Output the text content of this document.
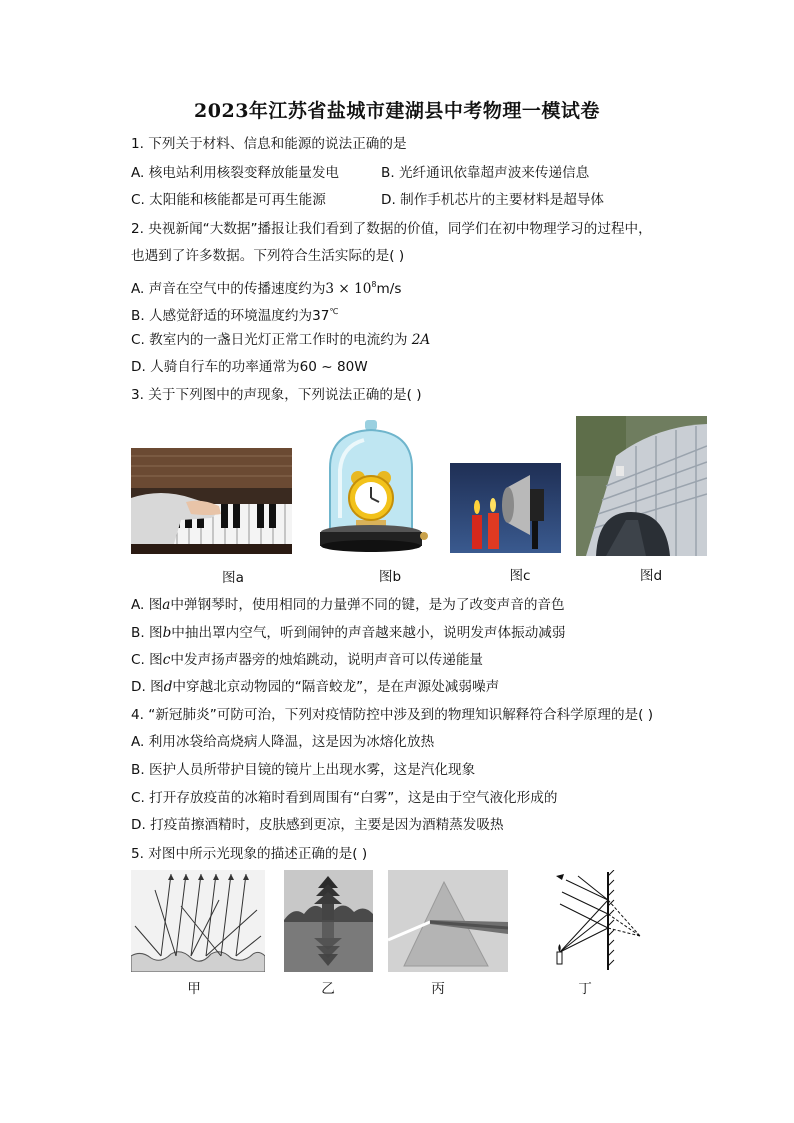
2023年江苏省盐城市建湖县中考物理一模试卷
1. 下列关于材料、信息和能源的说法正确的是
A. 核电站利用核裂变释放能量发电	B. 光纤通讯依靠超声波来传递信息
C. 太阳能和核能都是可再生能源	D. 制作手机芯片的主要材料是超导体
2. 央视新闻“大数据”播报让我们看到了数据的价值，同学们在初中物理学习的过程中，
也遇到了许多数据。下列符合生活实际的是( )
A. 声音在空气中的传播速度约为$3 \times 10^8m/s$
B. 人感觉舒适的环境温度约为37℃
C. 教室内的一盏日光灯正常工作时的电流约为 2A
D. 人骑自行车的功率通常为60 ~ 80W
3. 关于下列图中的声现象，下列说法正确的是( )
图a	图b	图c	图d
A. 图a中弹钢琴时，使用相同的力量弹不同的键，是为了改变声音的音色
B. 图b中抽出罩内空气，听到闹钟的声音越来越小，说明发声体振动减弱
C. 图c中发声扬声器旁的烛焰跳动，说明声音可以传递能量
D. 图d中穿越北京动物园的“隔音蛟龙”，是在声源处减弱噪声
4. “新冠肺炎”可防可治，下列对疫情防控中涉及到的物理知识解释符合科学原理的是( )
A. 利用冰袋给高烧病人降温，这是因为冰熔化放热
B. 医护人员所带护目镜的镜片上出现水雾，这是汽化现象
C. 打开存放疫苗的冰箱时看到周围有“白雾”，这是由于空气液化形成的
D. 打疫苗擦酒精时，皮肤感到更凉，主要是因为酒精蒸发吸热
5. 对图中所示光现象的描述正确的是( )
甲	乙	丙	丁
